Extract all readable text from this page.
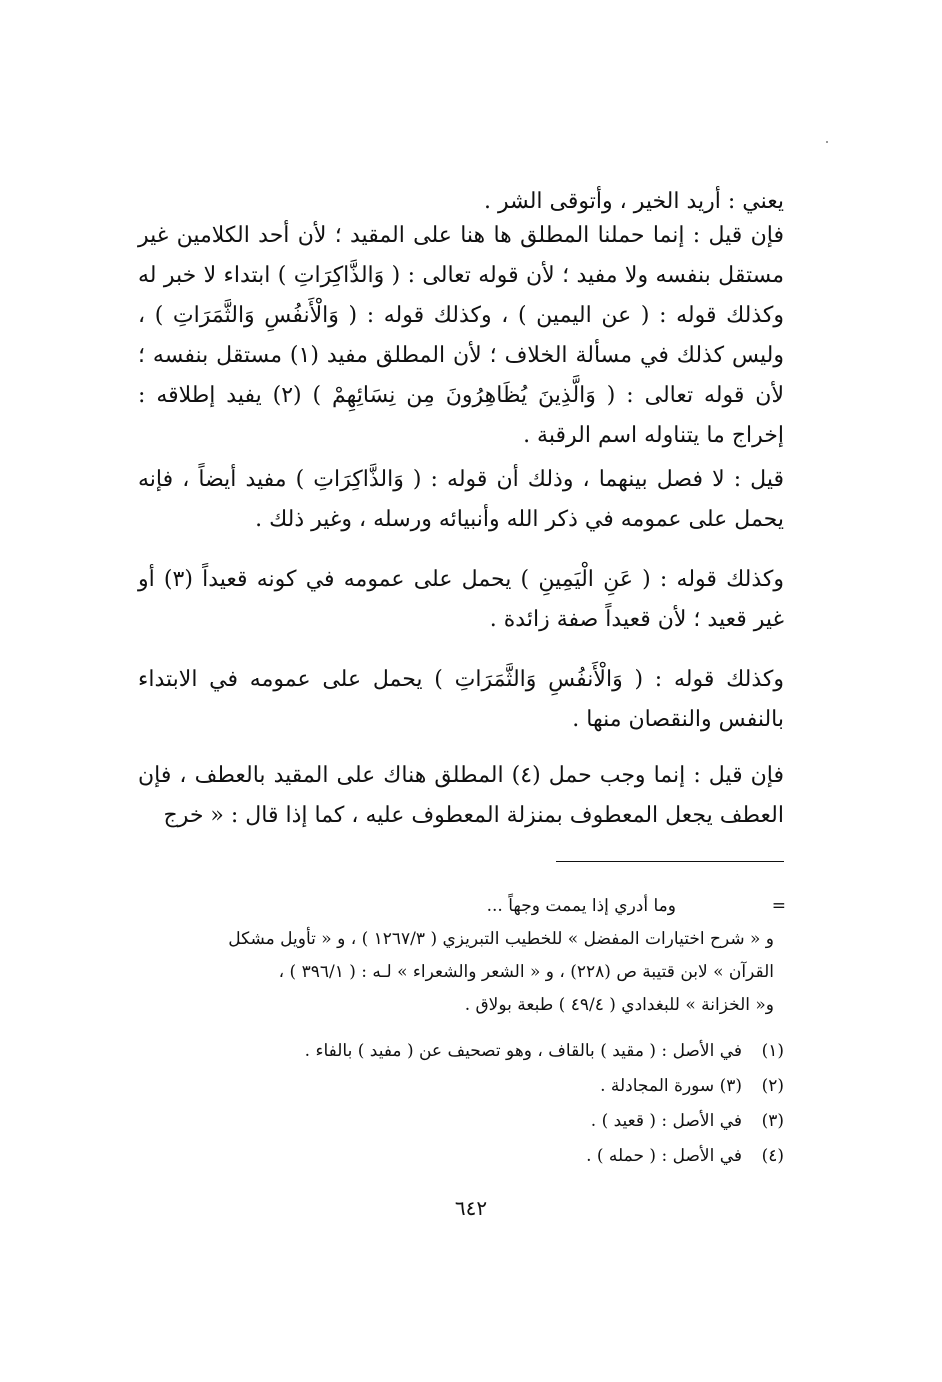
يعني : أريد الخير ، وأتوقى الشر .

فإن قيل : إنما حملنا المطلق ها هنا على المقيد ؛ لأن أحد الكلامين غير مستقل بنفسه ولا مفيد ؛ لأن قوله تعالى : ( وَالذَّاكِرَاتِ ) ابتداء لا خبر له وكذلك قوله : ( عن اليمين ) ، وكذلك قوله : ( وَالْأَنفُسِ وَالثَّمَرَاتِ ) ، وليس كذلك في مسألة الخلاف ؛ لأن المطلق مفيد (١) مستقل بنفسه ؛ لأن قوله تعالى : ( وَالَّذِينَ يُظَاهِرُونَ مِن نِسَائِهِمْ ) (٢) يفيد إطلاقه : إخراج ما يتناوله اسم الرقبة .

قيل : لا فصل بينهما ، وذلك أن قوله : ( وَالذَّاكِرَاتِ ) مفيد أيضاً ، فإنه يحمل على عمومه في ذكر الله وأنبيائه ورسله ، وغير ذلك .

وكذلك قوله : ( عَنِ الْيَمِينِ ) يحمل على عمومه في كونه قعيداً (٣) أو غير قعيد ؛ لأن قعيداً صفة زائدة .

وكذلك قوله : ( وَالْأَنفُسِ وَالثَّمَرَاتِ ) يحمل على عمومه في الابتداء بالنفس والنقصان منها .

فإن قيل : إنما وجب حمل (٤) المطلق هناك على المقيد بالعطف ، فإن العطف يجعل المعطوف بمنزلة المعطوف عليه ، كما إذا قال : « خرج

=

وما أدري إذا يممت وجهاً ...

و « شرح اختيارات المفضل » للخطيب التبريزي ( ١٢٦٧/٣ ) ، و « تأويل مشكل

القرآن » لابن قتيبة ص (٢٢٨) ، و « الشعر والشعراء » لـه : ( ٣٩٦/١ ) ،

و« الخزانة » للبغدادي ( ٤٩/٤ ) طبعة بولاق .

(١)
في الأصل : ( مقيد ) بالقاف ، وهو تصحيف عن ( مفيد ) بالفاء .
(٢)
(٣) سورة المجادلة .
(٣)
في الأصل : ( قعيد ) .
(٤)
في الأصل : ( حمله ) .
٦٤٢
